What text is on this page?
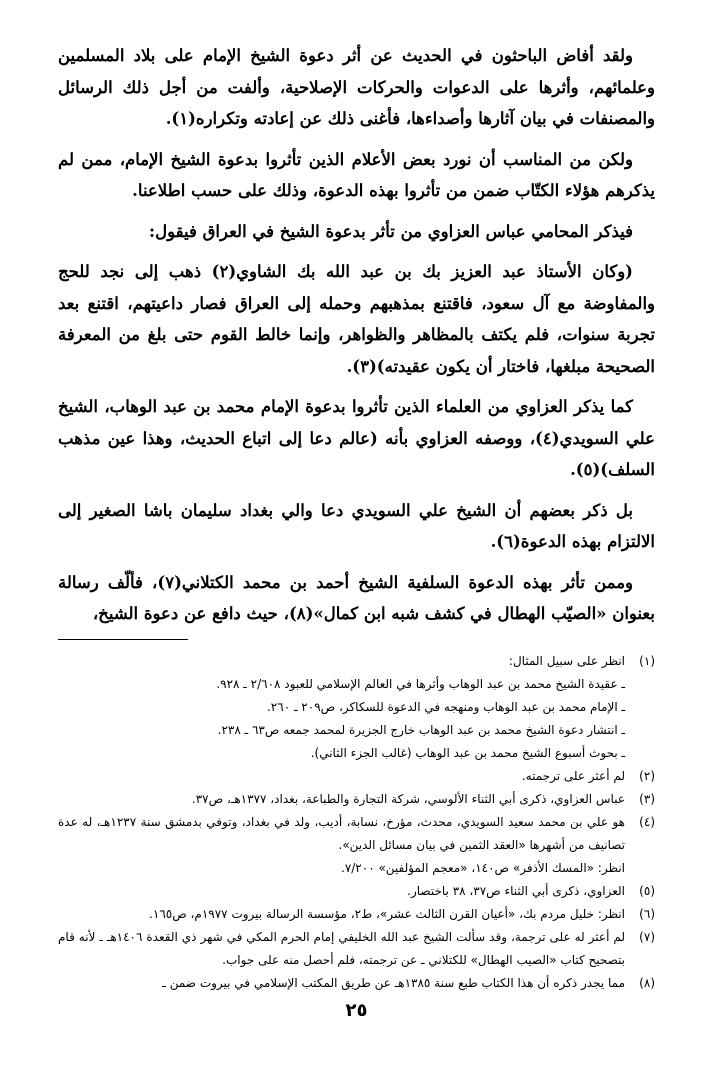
ولقد أفاض الباحثون في الحديث عن أثر دعوة الشيخ الإمام على بلاد المسلمين وعلمائهم، وأثرها على الدعوات والحركات الإصلاحية، وألفت من أجل ذلك الرسائل والمصنفات في بيان آثارها وأصداءها، فأغنى ذلك عن إعادته وتكراره(١).

ولكن من المناسب أن نورد بعض الأعلام الذين تأثروا بدعوة الشيخ الإمام، ممن لم يذكرهم هؤلاء الكتّاب ضمن من تأثروا بهذه الدعوة، وذلك على حسب اطلاعنا.

فيذكر المحامي عباس العزاوي من تأثر بدعوة الشيخ في العراق فيقول:

(وكان الأستاذ عبد العزيز بك بن عبد الله بك الشاوي(٢) ذهب إلى نجد للحج والمفاوضة مع آل سعود، فاقتنع بمذهبهم وحمله إلى العراق فصار داعيتهم، اقتنع بعد تجربة سنوات، فلم يكتف بالمظاهر والظواهر، وإنما خالط القوم حتى بلغ من المعرفة الصحيحة مبلغها، فاختار أن يكون عقيدته)(٣).

كما يذكر العزاوي من العلماء الذين تأثروا بدعوة الإمام محمد بن عبد الوهاب، الشيخ علي السويدي(٤)، ووصفه العزاوي بأنه (عالم دعا إلى اتباع الحديث، وهذا عين مذهب السلف)(٥).

بل ذكر بعضهم أن الشيخ علي السويدي دعا والي بغداد سليمان باشا الصغير إلى الالتزام بهذه الدعوة(٦).

وممن تأثر بهذه الدعوة السلفية الشيخ أحمد بن محمد الكتلاني(٧)، فألّف رسالة بعنوان «الصيّب الهطال في كشف شبه ابن كمال»(٨)، حيث دافع عن دعوة الشيخ،

(١)
انظر على سبيل المثال:
ـ عقيدة الشيخ محمد بن عبد الوهاب وأثرها في العالم الإسلامي للعبود ٢/٦٠٨ ـ ٩٢٨.
ـ الإمام محمد بن عبد الوهاب ومنهجه في الدعوة للسكاكر، ص٢٠٩ ـ ٢٦٠.
ـ انتشار دعوة الشيخ محمد بن عبد الوهاب خارج الجزيرة لمحمد جمعه ص٦٣ ـ ٢٣٨.
ـ بحوث أسبوع الشيخ محمد بن عبد الوهاب (غالب الجزء الثاني).
(٢)
لم أعثر على ترجمته.
(٣)
عباس العزاوي، ذكرى أبي الثناء الألوسي، شركة التجارة والطباعة، بغداد، ١٣٧٧هـ، ص٣٧.
(٤)
هو علي بن محمد سعيد السويدي، محدث، مؤرخ، نسابة، أديب، ولد في بغداد، وتوفي بدمشق سنة ١٢٣٧هـ، له عدة تصانيف من أشهرها «العقد الثمين في بيان مسائل الدين».
انظر: «المسك الأذفر» ص١٤٠، «معجم المؤلفين» ٧/٢٠٠.
(٥)
العزاوي، ذكرى أبي الثناء ص٣٧، ٣٨ باختصار.
(٦)
انظر: خليل مردم بك، «أعيان القرن الثالث عشر»، ط٢، مؤسسة الرسالة بيروت ١٩٧٧م، ص١٦٥.
(٧)
لم أعثر له على ترجمة، وقد سألت الشيخ عبد الله الخليفي إمام الحرم المكي في شهر ذي القعدة ١٤٠٦هـ ـ لأنه قام بتصحيح كتاب «الصيب الهطال» للكتلاني ـ عن ترجمته، فلم أحصل منه على جواب.
(٨)
مما يجدر ذكره أن هذا الكتاب طبع سنة ١٣٨٥هـ عن طريق المكتب الإسلامي في بيروت ضمن ـ
٢٥
